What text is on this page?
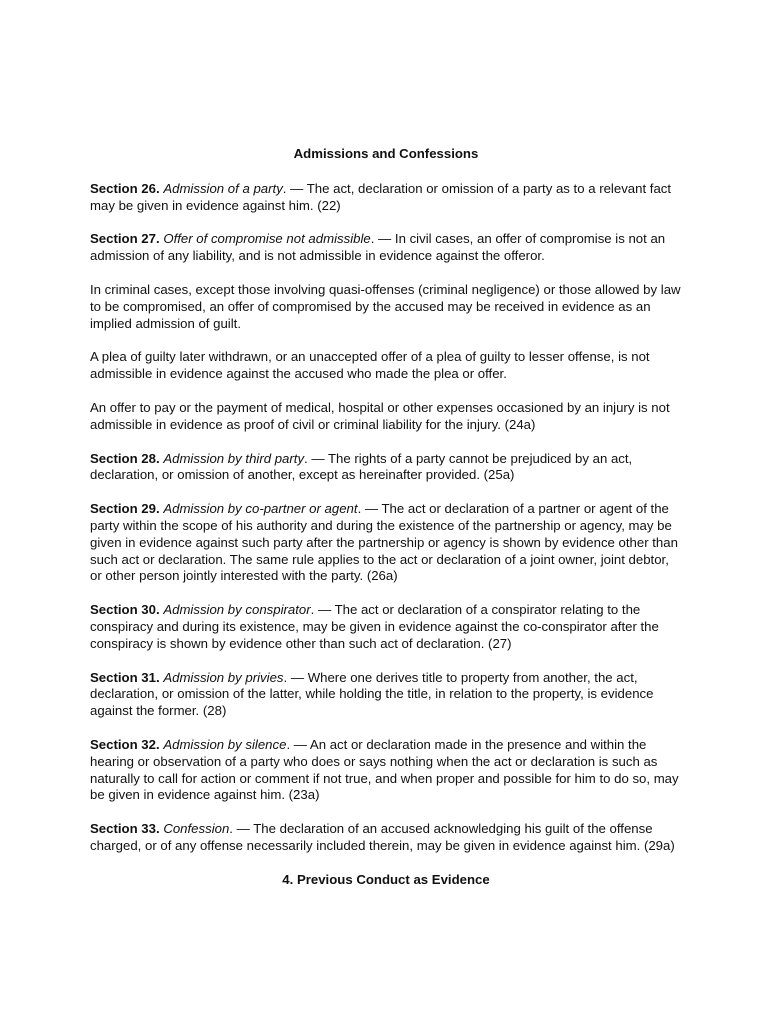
Admissions and Confessions

Section 26. Admission of a party. — The act, declaration or omission of a party as to a relevant fact may be given in evidence against him. (22)

Section 27. Offer of compromise not admissible. — In civil cases, an offer of compromise is not an admission of any liability, and is not admissible in evidence against the offeror.

In criminal cases, except those involving quasi-offenses (criminal negligence) or those allowed by law to be compromised, an offer of compromised by the accused may be received in evidence as an implied admission of guilt.

A plea of guilty later withdrawn, or an unaccepted offer of a plea of guilty to lesser offense, is not admissible in evidence against the accused who made the plea or offer.

An offer to pay or the payment of medical, hospital or other expenses occasioned by an injury is not admissible in evidence as proof of civil or criminal liability for the injury. (24a)

Section 28. Admission by third party. — The rights of a party cannot be prejudiced by an act, declaration, or omission of another, except as hereinafter provided. (25a)

Section 29. Admission by co-partner or agent. — The act or declaration of a partner or agent of the party within the scope of his authority and during the existence of the partnership or agency, may be given in evidence against such party after the partnership or agency is shown by evidence other than such act or declaration. The same rule applies to the act or declaration of a joint owner, joint debtor, or other person jointly interested with the party. (26a)

Section 30. Admission by conspirator. — The act or declaration of a conspirator relating to the conspiracy and during its existence, may be given in evidence against the co-conspirator after the conspiracy is shown by evidence other than such act of declaration. (27)

Section 31. Admission by privies. — Where one derives title to property from another, the act, declaration, or omission of the latter, while holding the title, in relation to the property, is evidence against the former. (28)

Section 32. Admission by silence. — An act or declaration made in the presence and within the hearing or observation of a party who does or says nothing when the act or declaration is such as naturally to call for action or comment if not true, and when proper and possible for him to do so, may be given in evidence against him. (23a)

Section 33. Confession. — The declaration of an accused acknowledging his guilt of the offense charged, or of any offense necessarily included therein, may be given in evidence against him. (29a)

4. Previous Conduct as Evidence
